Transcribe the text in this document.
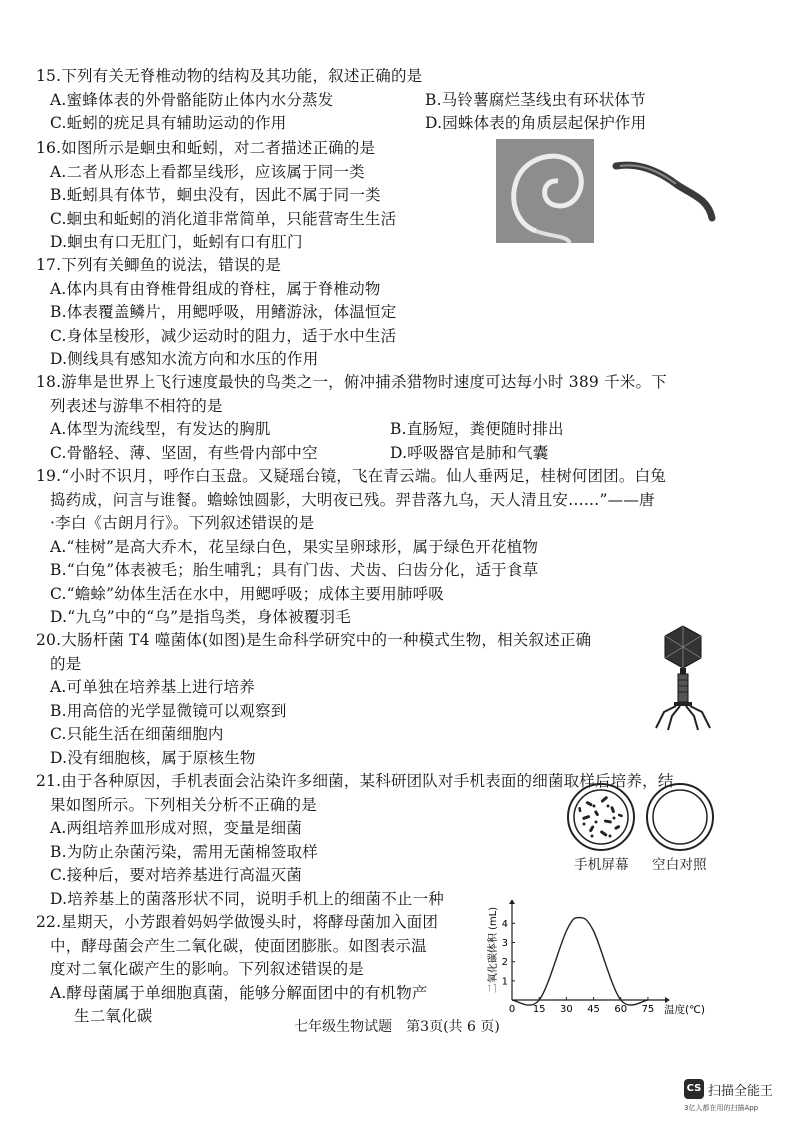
15.下列有关无脊椎动物的结构及其功能，叙述正确的是
A.蜜蜂体表的外骨骼能防止体内水分蒸发	B.马铃薯腐烂茎线虫有环状体节
C.蚯蚓的疣足具有辅助运动的作用	D.园蛛体表的角质层起保护作用
16.如图所示是蛔虫和蚯蚓，对二者描述正确的是
A.二者从形态上看都呈线形，应该属于同一类
B.蚯蚓具有体节，蛔虫没有，因此不属于同一类
C.蛔虫和蚯蚓的消化道非常简单，只能营寄生生活
D.蛔虫有口无肛门，蚯蚓有口有肛门
17.下列有关鲫鱼的说法，错误的是
A.体内具有由脊椎骨组成的脊柱，属于脊椎动物
B.体表覆盖鳞片，用鳃呼吸，用鳍游泳，体温恒定
C.身体呈梭形，减少运动时的阻力，适于水中生活
D.侧线具有感知水流方向和水压的作用
18.游隼是世界上飞行速度最快的鸟类之一，俯冲捕杀猎物时速度可达每小时 389 千米。下
列表述与游隼不相符的是
A.体型为流线型，有发达的胸肌	B.直肠短，粪便随时排出
C.骨骼轻、薄、坚固，有些骨内部中空	D.呼吸器官是肺和气囊
19.“小时不识月，呼作白玉盘。又疑瑶台镜，飞在青云端。仙人垂两足，桂树何团团。白兔
捣药成，问言与谁餐。蟾蜍蚀圆影，大明夜已残。羿昔落九乌，天人清且安……”——唐
·李白《古朗月行》。下列叙述错误的是
A.“桂树”是高大乔木，花呈绿白色，果实呈卵球形，属于绿色开花植物
B.“白兔”体表被毛；胎生哺乳；具有门齿、犬齿、臼齿分化，适于食草
C.“蟾蜍”幼体生活在水中，用鳃呼吸；成体主要用肺呼吸
D.“九乌”中的“乌”是指鸟类，身体被覆羽毛
20.大肠杆菌 T4 噬菌体(如图)是生命科学研究中的一种模式生物，相关叙述正确
的是
A.可单独在培养基上进行培养
B.用高倍的光学显微镜可以观察到
C.只能生活在细菌细胞内
D.没有细胞核，属于原核生物
21.由于各种原因，手机表面会沾染许多细菌，某科研团队对手机表面的细菌取样后培养，结
果如图所示。下列相关分析不正确的是
A.两组培养皿形成对照，变量是细菌
B.为防止杂菌污染，需用无菌棉签取样
C.接种后，要对培养基进行高温灭菌
D.培养基上的菌落形状不同，说明手机上的细菌不止一种
手机屏幕 空白对照
22.星期天，小芳跟着妈妈学做馒头时，将酵母菌加入面团
中，酵母菌会产生二氧化碳，使面团膨胀。如图表示温
度对二氧化碳产生的影响。下列叙述错误的是
A.酵母菌属于单细胞真菌，能够分解面团中的有机物产
生二氧化碳
二氧化碳体积 (mL)
温度(℃)
0 15 30 45 60 75
1
2
3
4
七年级生物试题　第3页(共 6 页)
CS 扫描全能王
3亿人都在用的扫描App
